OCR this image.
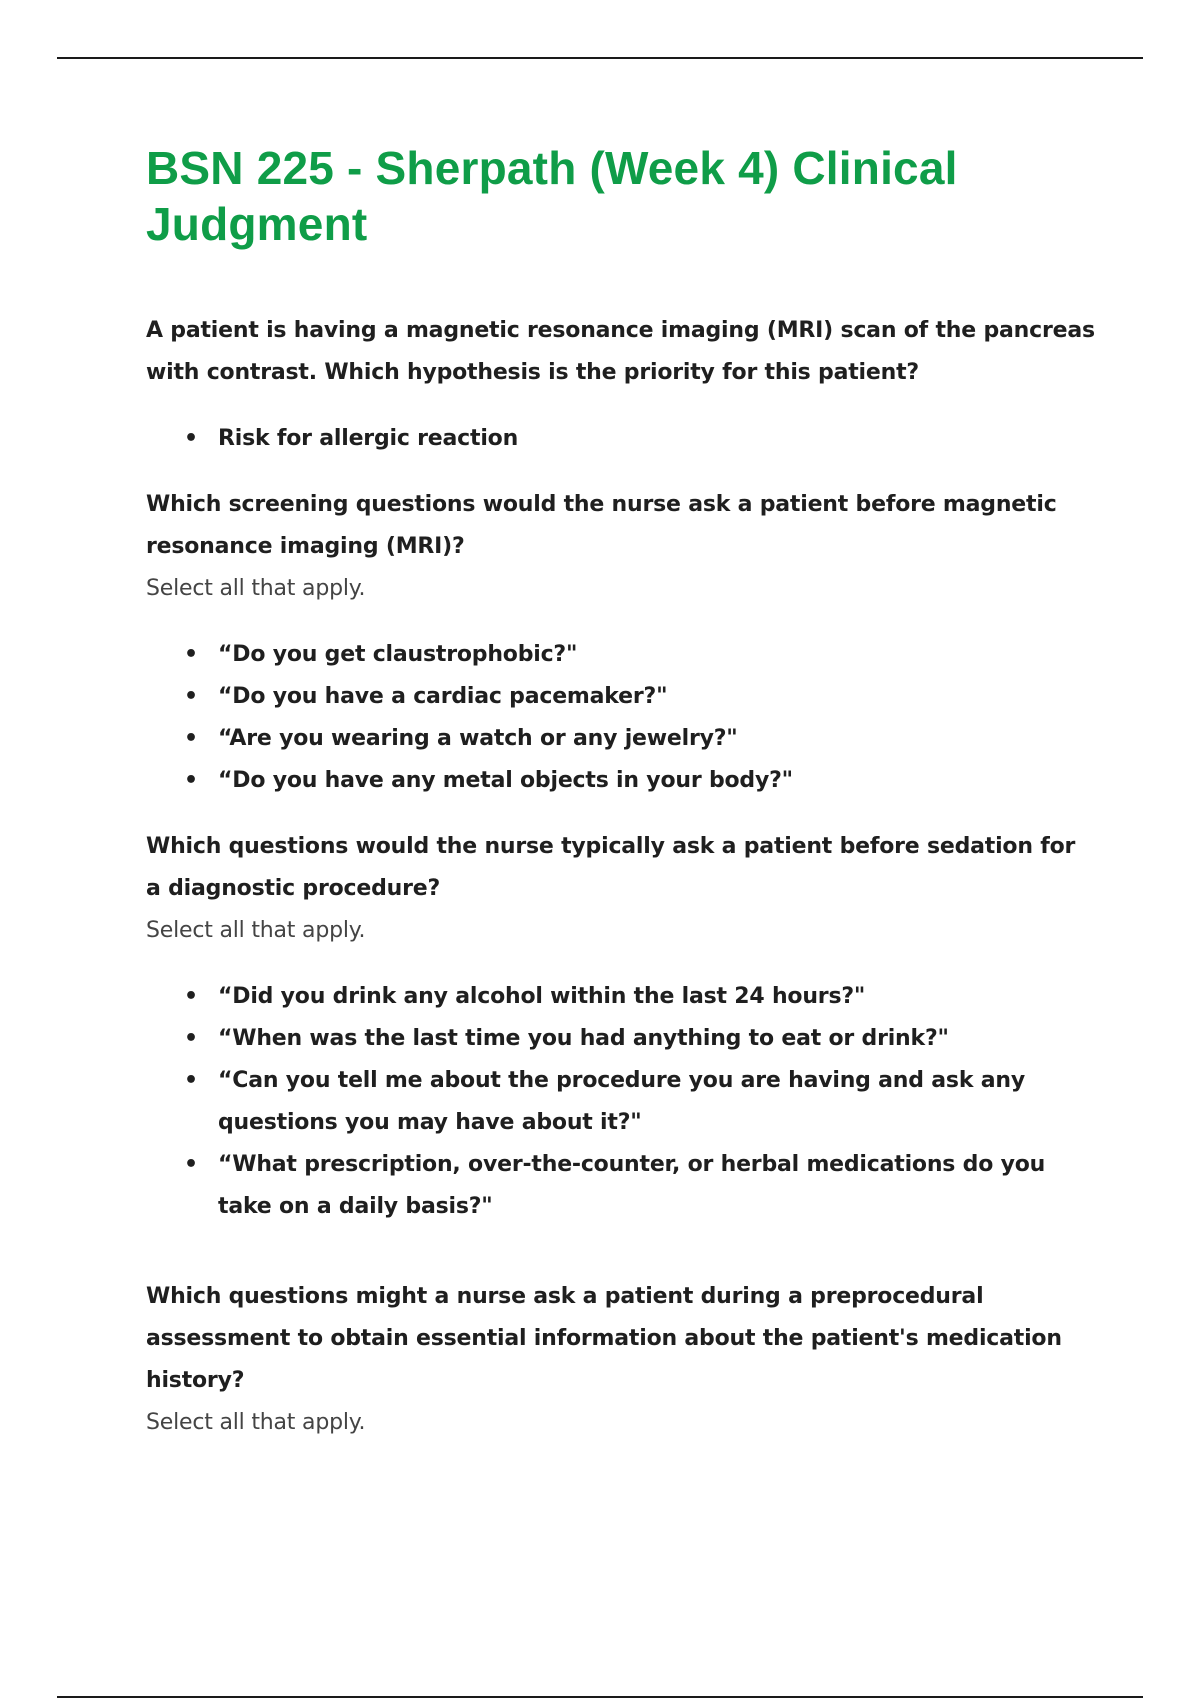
BSN 225 - Sherpath (Week 4) Clinical Judgment

A patient is having a magnetic resonance imaging (MRI) scan of the pancreas with contrast. Which hypothesis is the priority for this patient?

• Risk for allergic reaction

Which screening questions would the nurse ask a patient before magnetic resonance imaging (MRI)?

Select all that apply.

• “Do you get claustrophobic?"
• “Do you have a cardiac pacemaker?"
• “Are you wearing a watch or any jewelry?"
• “Do you have any metal objects in your body?"

Which questions would the nurse typically ask a patient before sedation for a diagnostic procedure?

Select all that apply.

• “Did you drink any alcohol within the last 24 hours?"
• “When was the last time you had anything to eat or drink?"
• “Can you tell me about the procedure you are having and ask any questions you may have about it?"
• “What prescription, over-the-counter, or herbal medications do you take on a daily basis?"

Which questions might a nurse ask a patient during a preprocedural assessment to obtain essential information about the patient's medication history?

Select all that apply.
